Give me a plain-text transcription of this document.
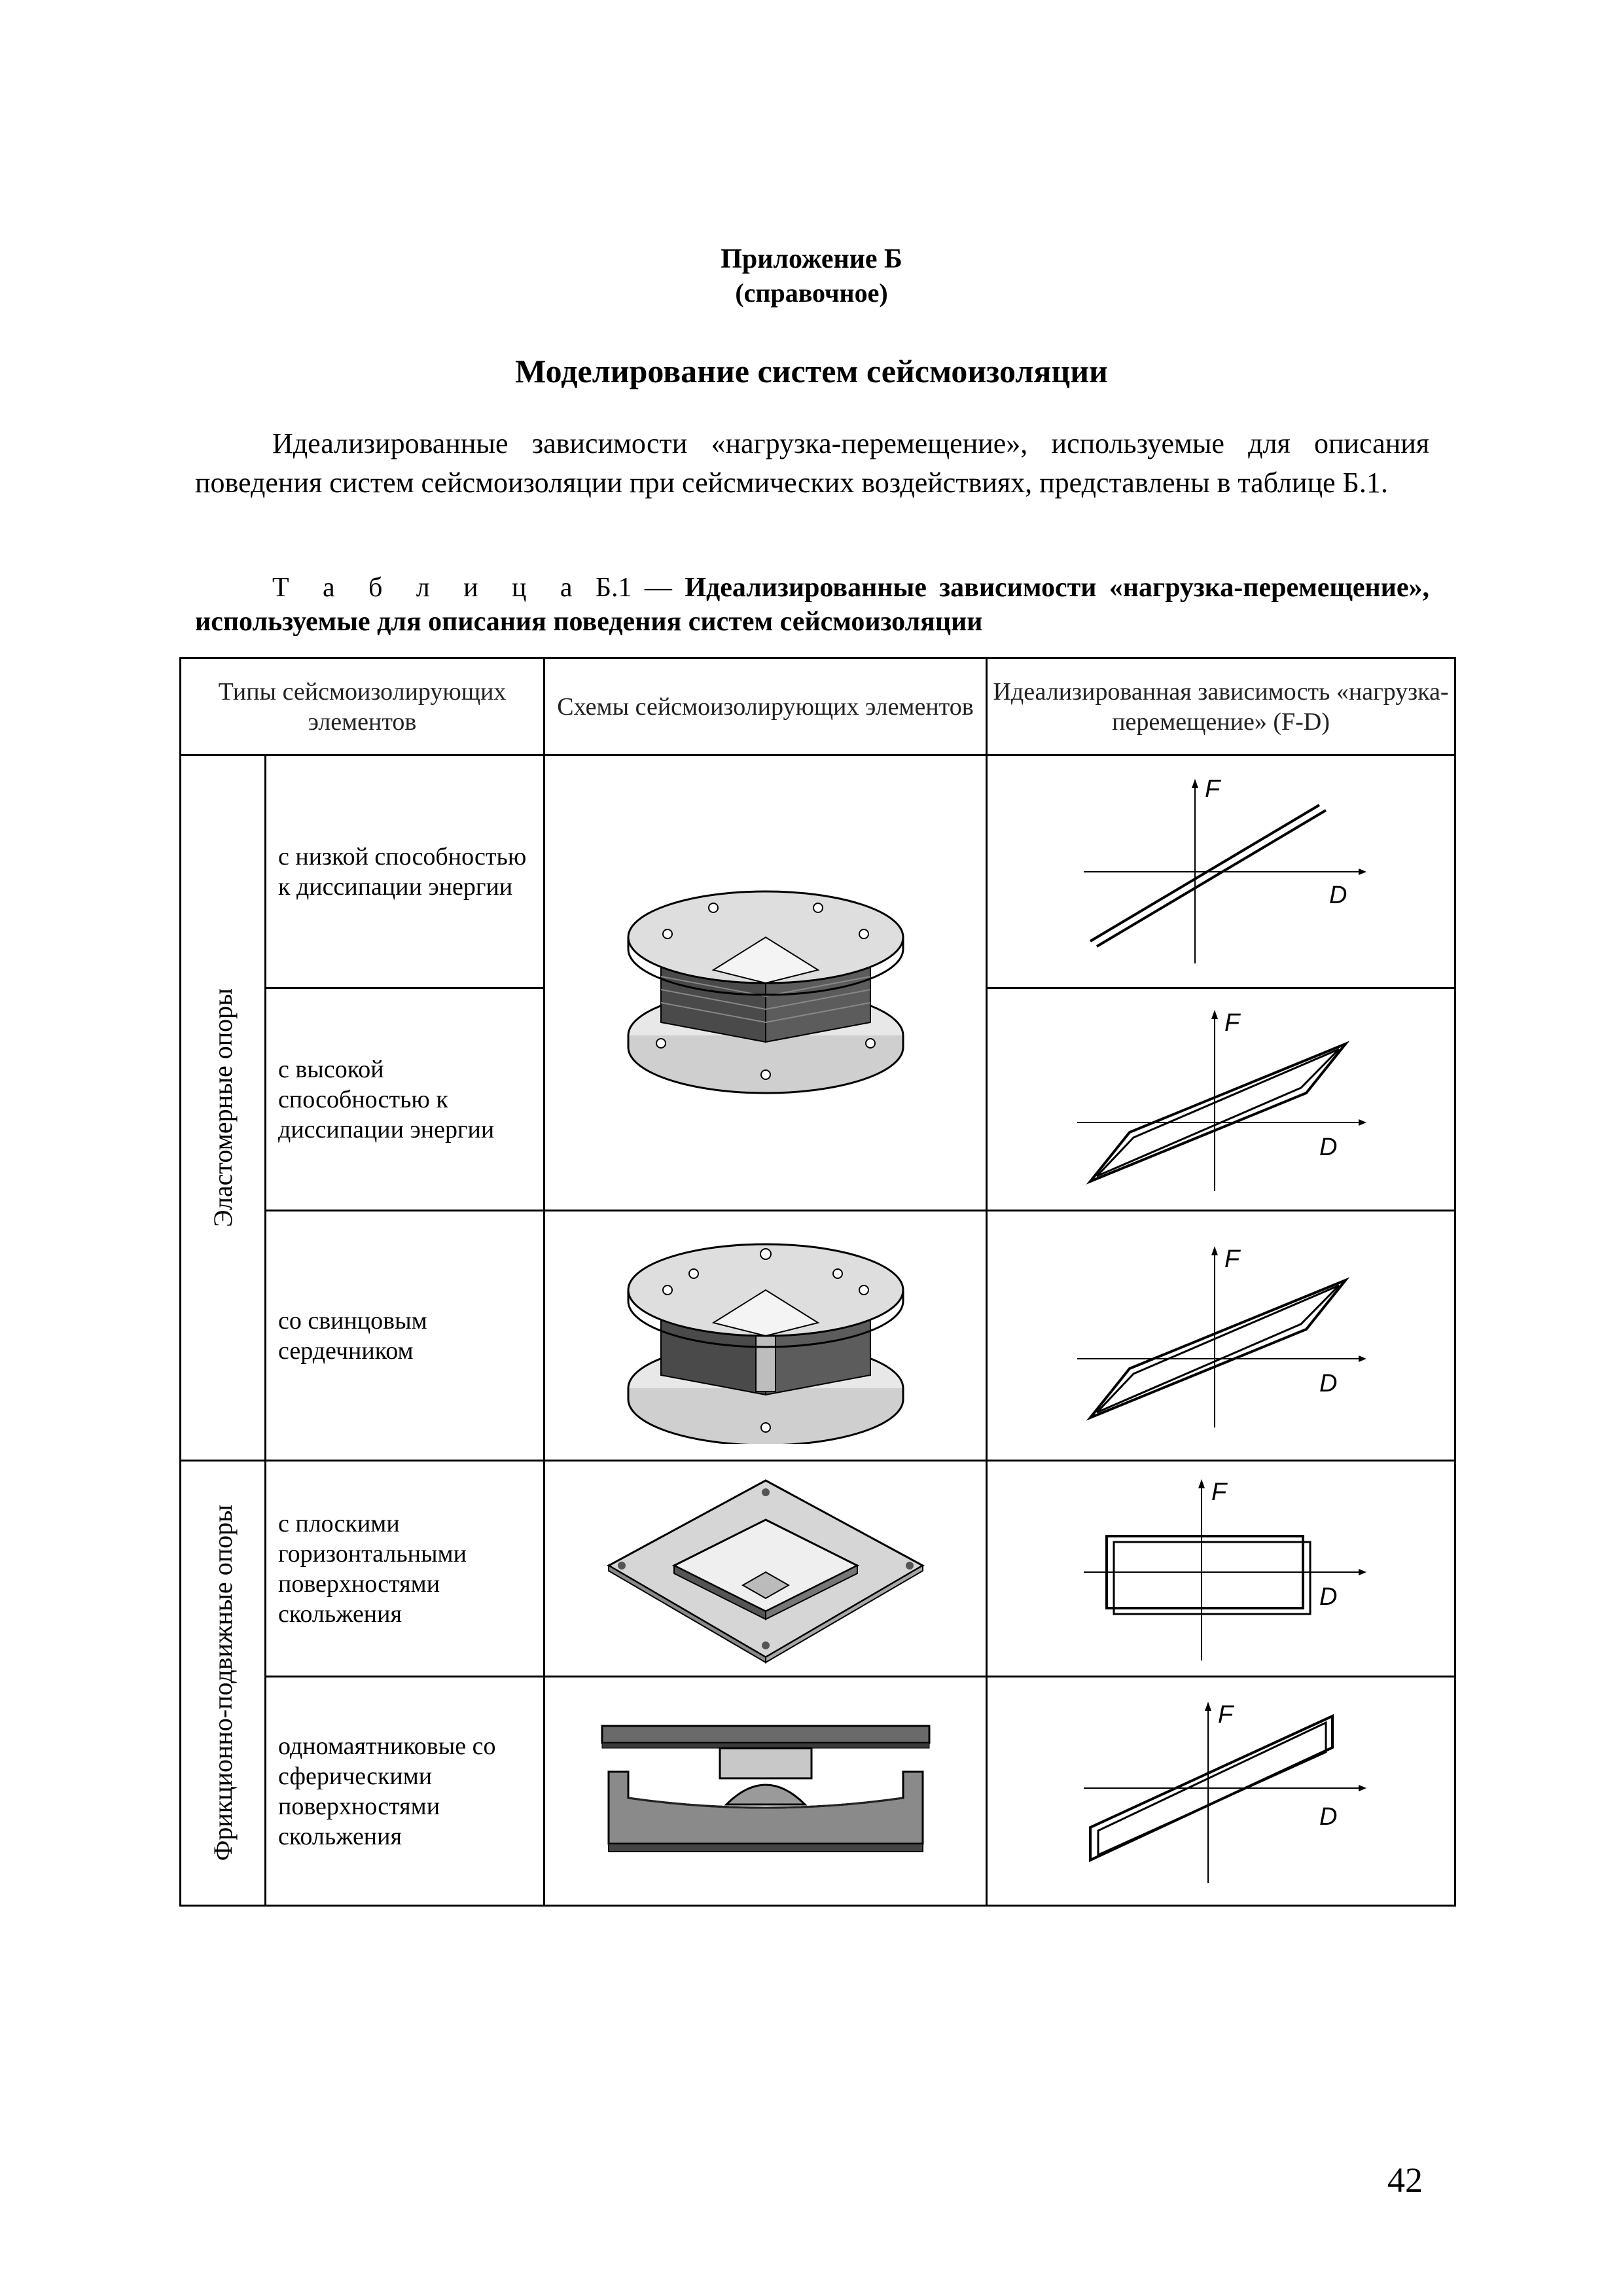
Приложение Б
(справочное)
Моделирование систем сейсмоизоляции
Идеализированные зависимости «нагрузка-перемещение», используемые для описания поведения систем сейсмоизоляции при сейсмических воздействиях, представлены в таблице Б.1.
Т а б л и ц а Б.1 — Идеализированные зависимости «нагрузка-перемещение», используемые для описания поведения систем сейсмоизоляции
Типы сейсмоизолирующих элементов		Схемы сейсмоизолирующих элементов	Идеализированная зависимость «нагрузка-перемещение» (F-D)

Эластомерные опоры	с низкой способностью к диссипации энергии		F
D

	с высокой способностью к диссипации энергии		F
D

	со свинцовым сердечником		F
D

Фрикционно-подвижные опоры	с плоскими горизонтальными поверхностями скольжения		F
D

	одномаятниковые со сферическими поверхностями скольжения		F
D
42
